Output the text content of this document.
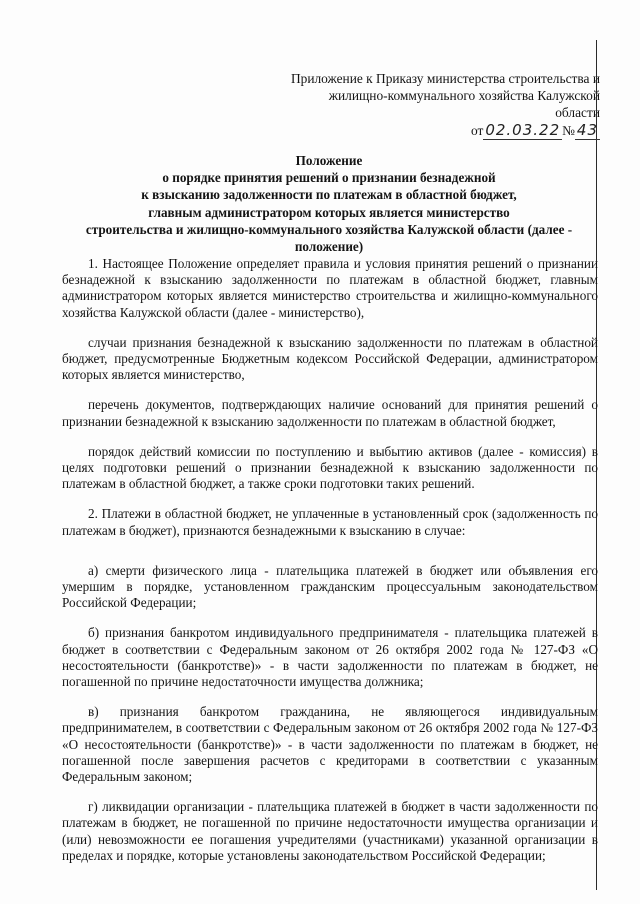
Приложение к Приказу министерства строительства и
жилищно-коммунального хозяйства Калужской
области
от 02.03.22 № 43
Положение
о порядке принятия решений о признании безнадежной
к взысканию задолженности по платежам в областной бюджет,
главным администратором которых является министерство
строительства и жилищно-коммунального хозяйства Калужской области (далее -
положение)

1. Настоящее Положение определяет правила и условия принятия решений о признании безнадежной к взысканию задолженности по платежам в областной бюджет, главным администратором которых является министерство строительства и жилищно-коммунального хозяйства Калужской области (далее - министерство),

случаи признания безнадежной к взысканию задолженности по платежам в областной бюджет, предусмотренные Бюджетным кодексом Российской Федерации, администратором которых является министерство,

перечень документов, подтверждающих наличие оснований для принятия решений о признании безнадежной к взысканию задолженности по платежам в областной бюджет,

порядок действий комиссии по поступлению и выбытию активов (далее - комиссия) в целях подготовки решений о признании безнадежной к взысканию задолженности по платежам в областной бюджет, а также сроки подготовки таких решений.

2. Платежи в областной бюджет, не уплаченные в установленный срок (задолженность по платежам в бюджет), признаются безнадежными к взысканию в случае:

а) смерти физического лица - плательщика платежей в бюджет или объявления его умершим в порядке, установленном гражданским процессуальным законодательством Российской Федерации;

б) признания банкротом индивидуального предпринимателя - плательщика платежей в бюджет в соответствии с Федеральным законом от 26 октября 2002 года № 127-ФЗ «О несостоятельности (банкротстве)» - в части задолженности по платежам в бюджет, не погашенной по причине недостаточности имущества должника;

в) признания банкротом гражданина, не являющегося индивидуальным предпринимателем, в соответствии с Федеральным законом от 26 октября 2002 года № 127-ФЗ «О несостоятельности (банкротстве)» - в части задолженности по платежам в бюджет, не погашенной после завершения расчетов с кредиторами в соответствии с указанным Федеральным законом;

г) ликвидации организации - плательщика платежей в бюджет в части задолженности по платежам в бюджет, не погашенной по причине недостаточности имущества организации и (или) невозможности ее погашения учредителями (участниками) указанной организации в пределах и порядке, которые установлены законодательством Российской Федерации;
